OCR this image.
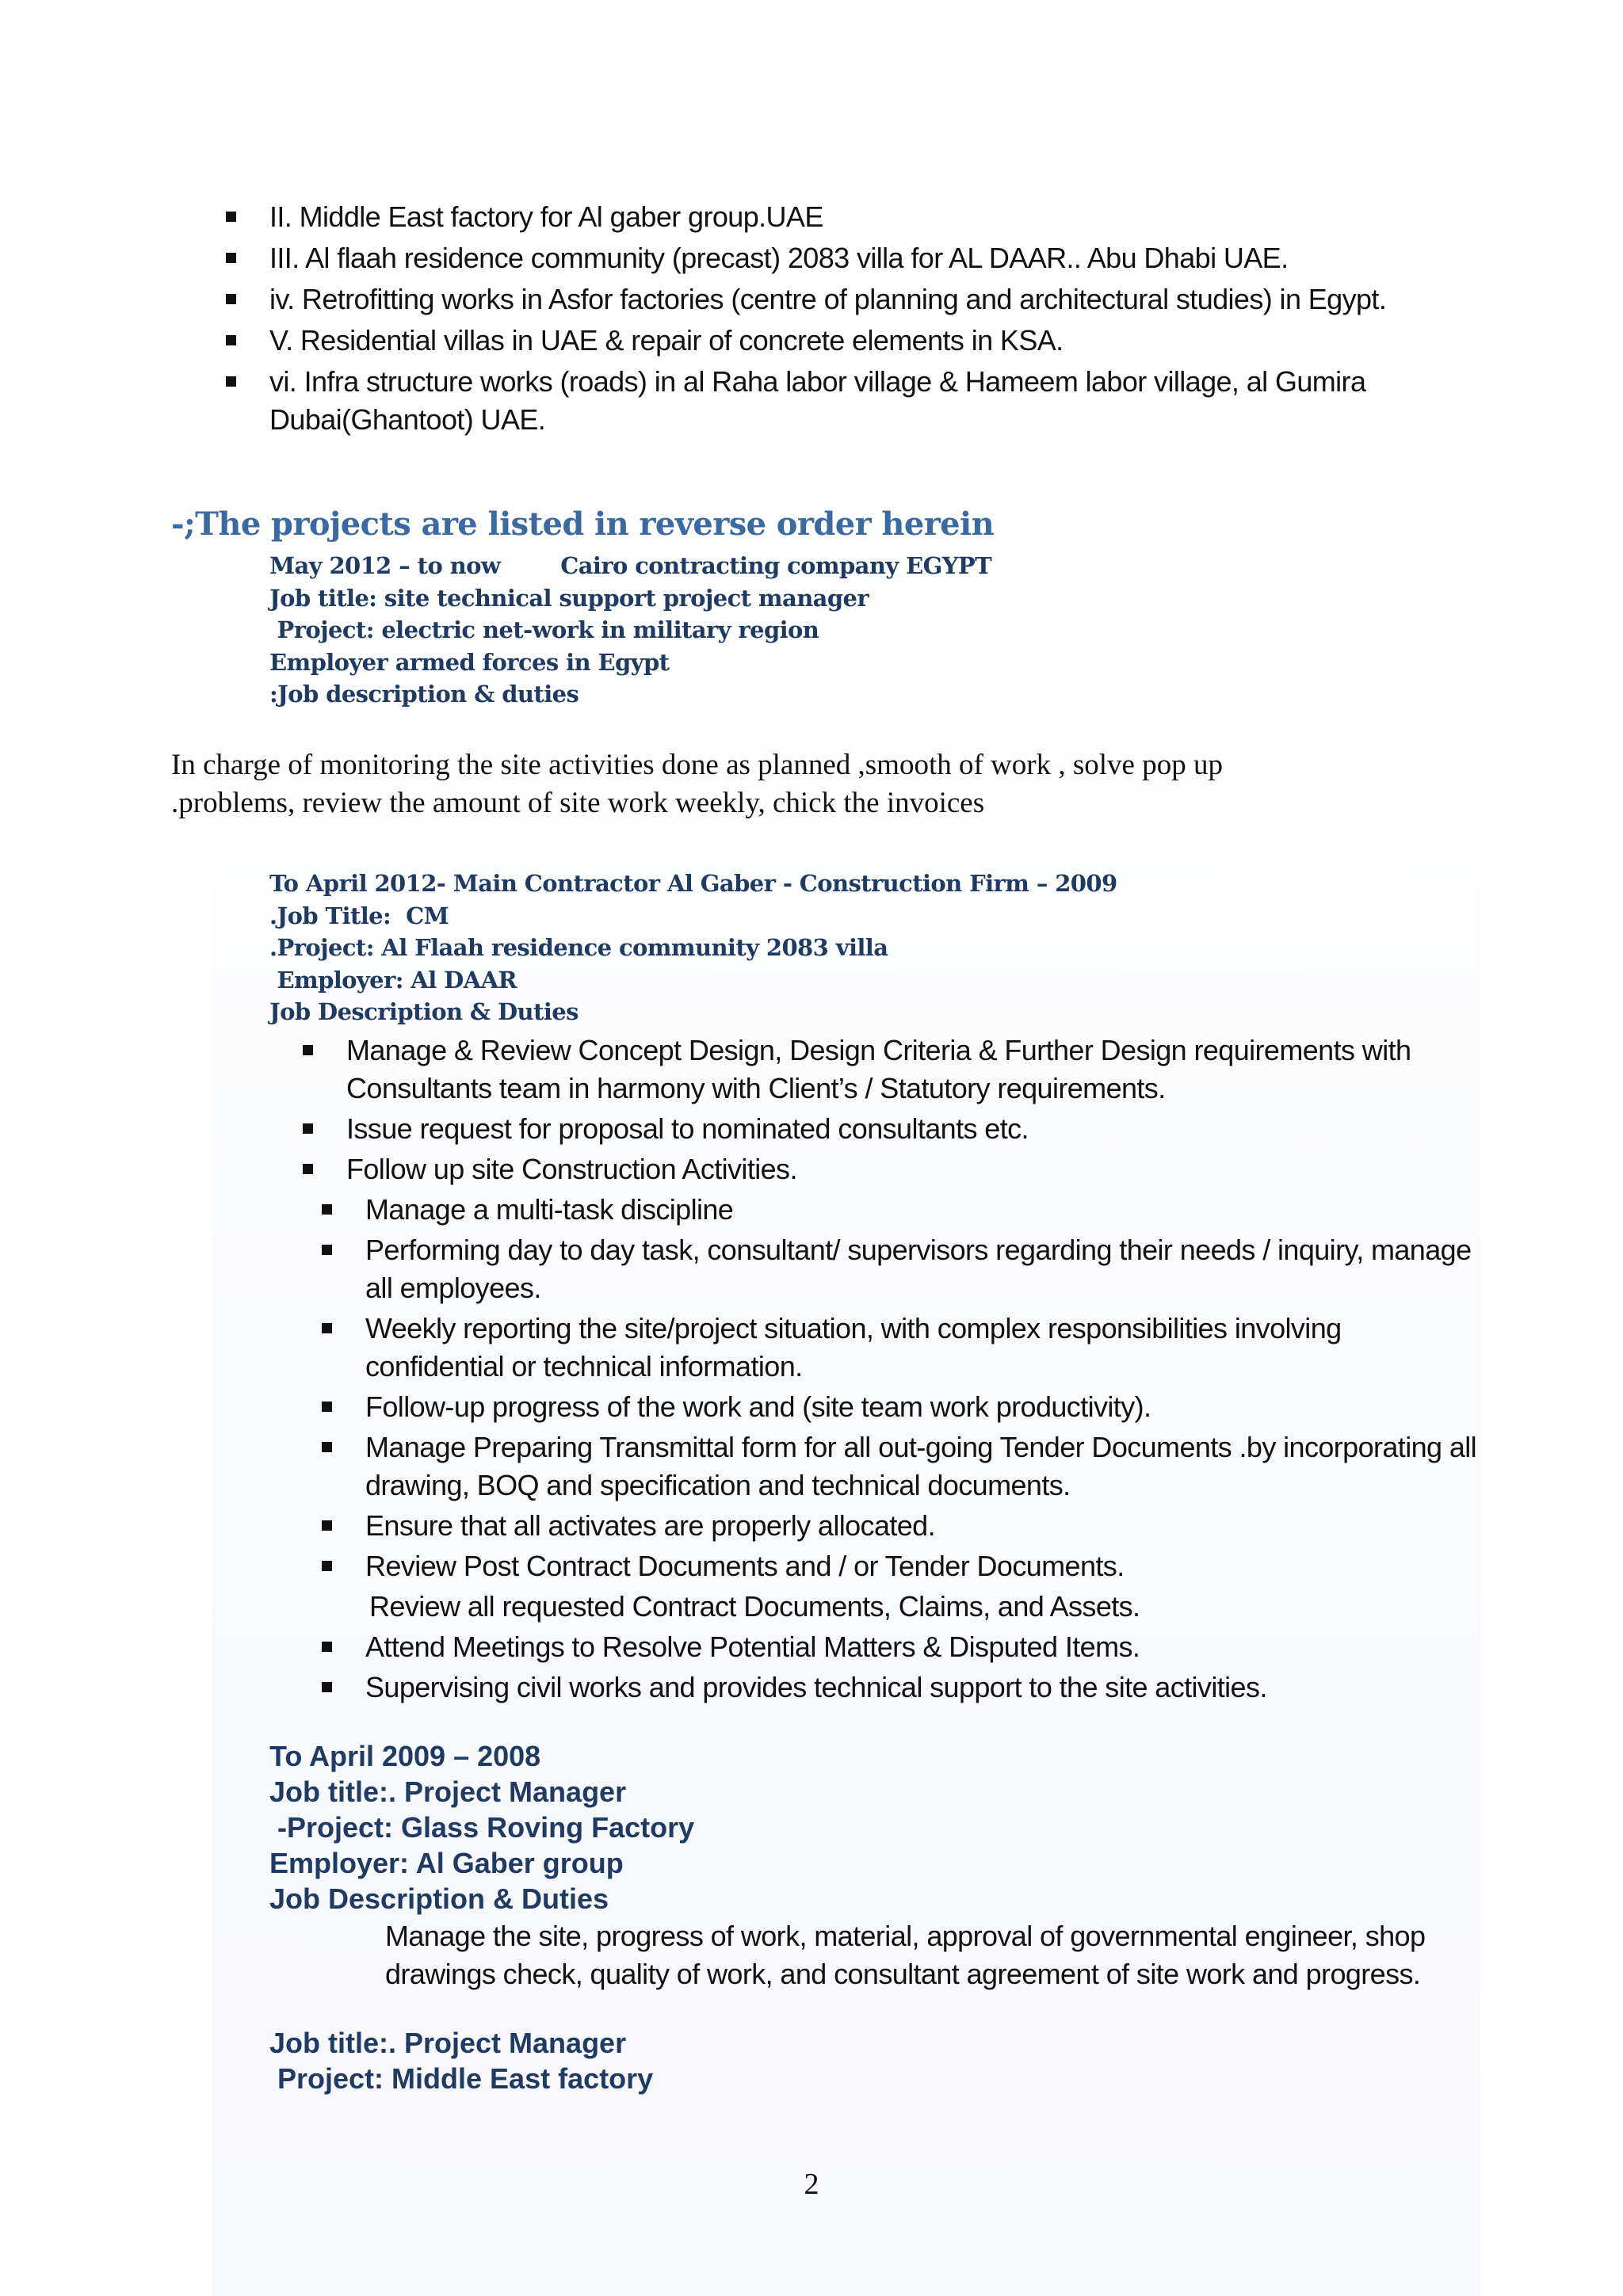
II. Middle East factory for Al gaber group.UAE
III. Al flaah residence community (precast) 2083 villa for AL DAAR.. Abu Dhabi UAE.
iv. Retrofitting works in Asfor factories (centre of planning and architectural studies) in Egypt.
V. Residential villas in UAE & repair of concrete elements in KSA.
vi. Infra structure works (roads) in al Raha labor village & Hameem labor village, al Gumira Dubai(Ghantoot) UAE.
-;The projects are listed in reverse order herein
May 2012 – to now        Cairo contracting company EGYPT
Job title: site technical support project manager
Project: electric net-work in military region
Employer armed forces in Egypt
:Job description & duties
In charge of monitoring the site activities done as planned ,smooth of work , solve pop up
.problems, review the amount of site work weekly, chick the invoices
To April 2012- Main Contractor Al Gaber - Construction Firm – 2009
.Job Title:  CM
.Project: Al Flaah residence community 2083 villa
Employer: Al DAAR
Job Description & Duties
Manage & Review Concept Design, Design Criteria & Further Design requirements with Consultants team in harmony with Client’s / Statutory requirements.
Issue request for proposal to nominated consultants etc.
Follow up site Construction Activities.
Manage a multi-task discipline
Performing day to day task, consultant/ supervisors regarding their needs / inquiry, manage all employees.
Weekly reporting the site/project situation, with complex responsibilities involving confidential or technical information.
Follow-up progress of the work and (site team work productivity).
Manage Preparing Transmittal form for all out-going Tender Documents .by incorporating all drawing, BOQ and specification and technical documents.
Ensure that all activates are properly allocated.
Review Post Contract Documents and / or Tender Documents.
Review all requested Contract Documents, Claims, and Assets.
Attend Meetings to Resolve Potential Matters & Disputed Items.
Supervising civil works and provides technical support to the site activities.
To April 2009 – 2008
Job title:. Project Manager
-Project: Glass Roving Factory
Employer: Al Gaber group
Job Description & Duties
Manage the site, progress of work, material, approval of governmental engineer, shop drawings check, quality of work, and consultant agreement of site work and progress.
Job title:. Project Manager
Project: Middle East factory
2
